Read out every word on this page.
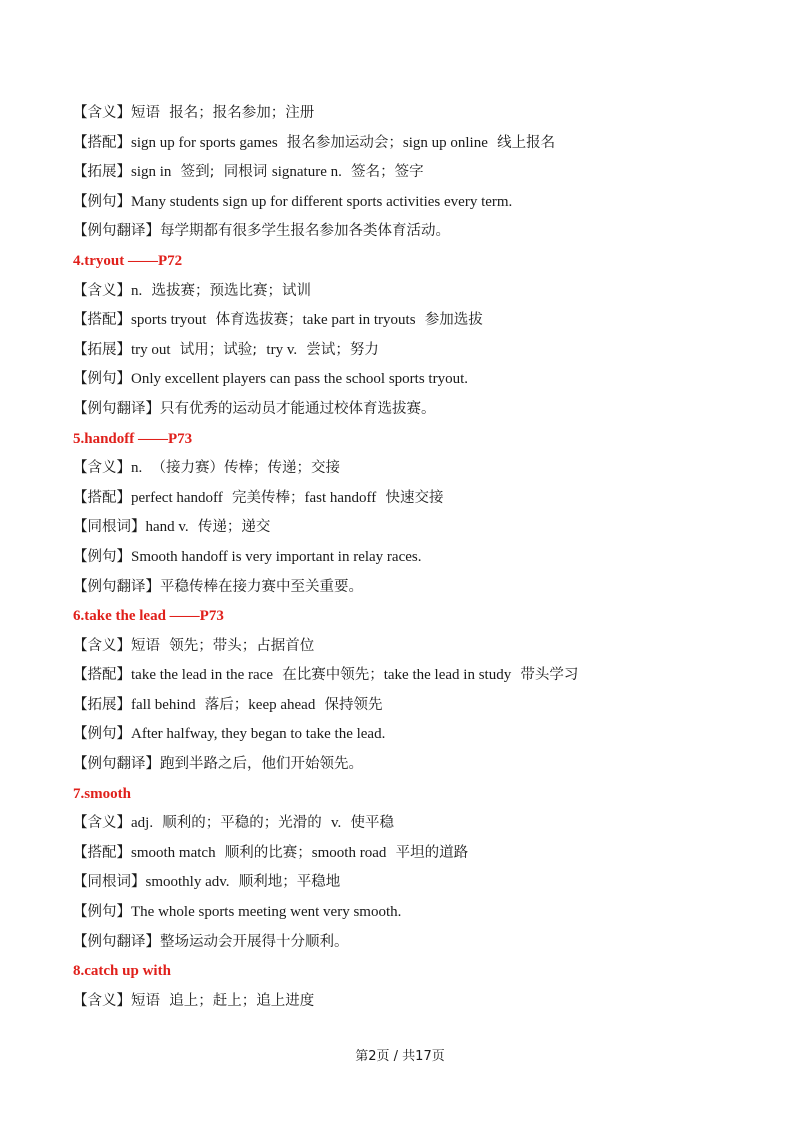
【含义】短语  报名；报名参加；注册
【搭配】sign up for sports games  报名参加运动会；sign up online  线上报名
【拓展】sign in  签到;  同根词 signature n.  签名；签字
【例句】Many students sign up for different sports activities every term.
【例句翻译】每学期都有很多学生报名参加各类体育活动。
4.tryout ——P72
【含义】n.  选拔赛；预选比赛；试训
【搭配】sports tryout  体育选拔赛；take part in tryouts  参加选拔
【拓展】try out  试用；试验;  try v.  尝试；努力
【例句】Only excellent players can pass the school sports tryout.
【例句翻译】只有优秀的运动员才能通过校体育选拔赛。
5.handoff ——P73
【含义】n.  （接力赛）传棒；传递；交接
【搭配】perfect handoff  完美传棒；fast handoff  快速交接
【同根词】hand v.  传递；递交
【例句】Smooth handoff is very important in relay races.
【例句翻译】平稳传棒在接力赛中至关重要。
6.take the lead ——P73
【含义】短语  领先；带头；占据首位
【搭配】take the lead in the race  在比赛中领先；take the lead in study  带头学习
【拓展】fall behind  落后；keep ahead  保持领先
【例句】After halfway, they began to take the lead.
【例句翻译】跑到半路之后，他们开始领先。
7.smooth
【含义】adj.  顺利的；平稳的；光滑的  v.  使平稳
【搭配】smooth match  顺利的比赛；smooth road  平坦的道路
【同根词】smoothly adv.  顺利地；平稳地
【例句】The whole sports meeting went very smooth.
【例句翻译】整场运动会开展得十分顺利。
8.catch up with
【含义】短语  追上；赶上；追上进度
第2页 / 共17页
